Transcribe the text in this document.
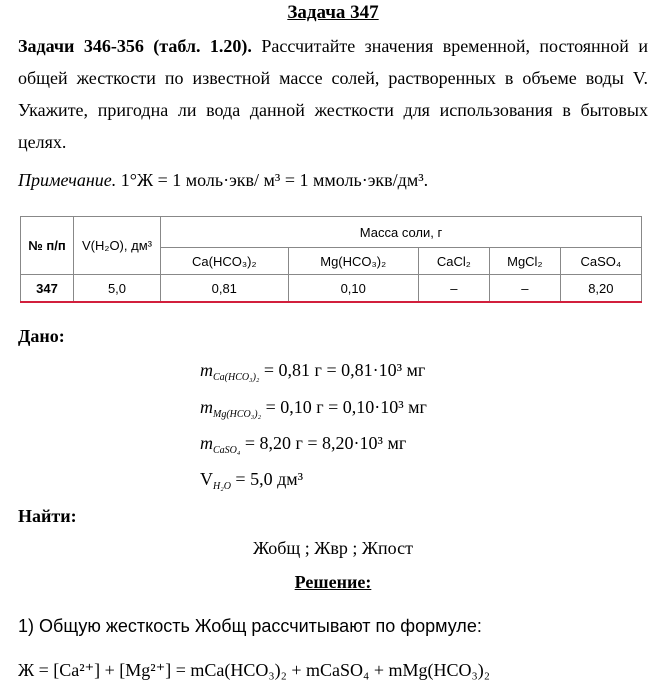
Задача 347
Задачи 346-356 (табл. 1.20). Рассчитайте значения временной, постоянной и общей жесткости по известной массе солей, растворенных в объеме воды V. Укажите, пригодна ли вода данной жесткости для использования в бытовых целях.
Примечание. 1°Ж = 1 моль·экв/ м³ = 1 ммоль·экв/дм³.
№ п/п	V(H₂O), дм³	Масса соли, г				
		Ca(HCO₃)₂	Mg(HCO₃)₂	CaCl₂	MgCl₂	CaSO₄
347	5,0	0,81	0,10	–	–	8,20
Дано:
$m_{Ca(HCO_3)_2} = 0,81$ г = 0,81·10³ мг
$m_{Mg(HCO_3)_2} = 0,10$ г = 0,10·10³ мг
$m_{CaSO_4} = 8,20$ г = 8,20·10³ мг
$V_{H_2O} = 5,0$ дм³
Найти:
Жобщ ; Жвр ; Жпост
Решение:
1) Общую жесткость Жобщ рассчитывают по формуле:
Ж = [Ca²⁺] + [Mg²⁺] = mCa(HCO₃)₂ + mCaSO₄ + mMg(HCO₃)₂
